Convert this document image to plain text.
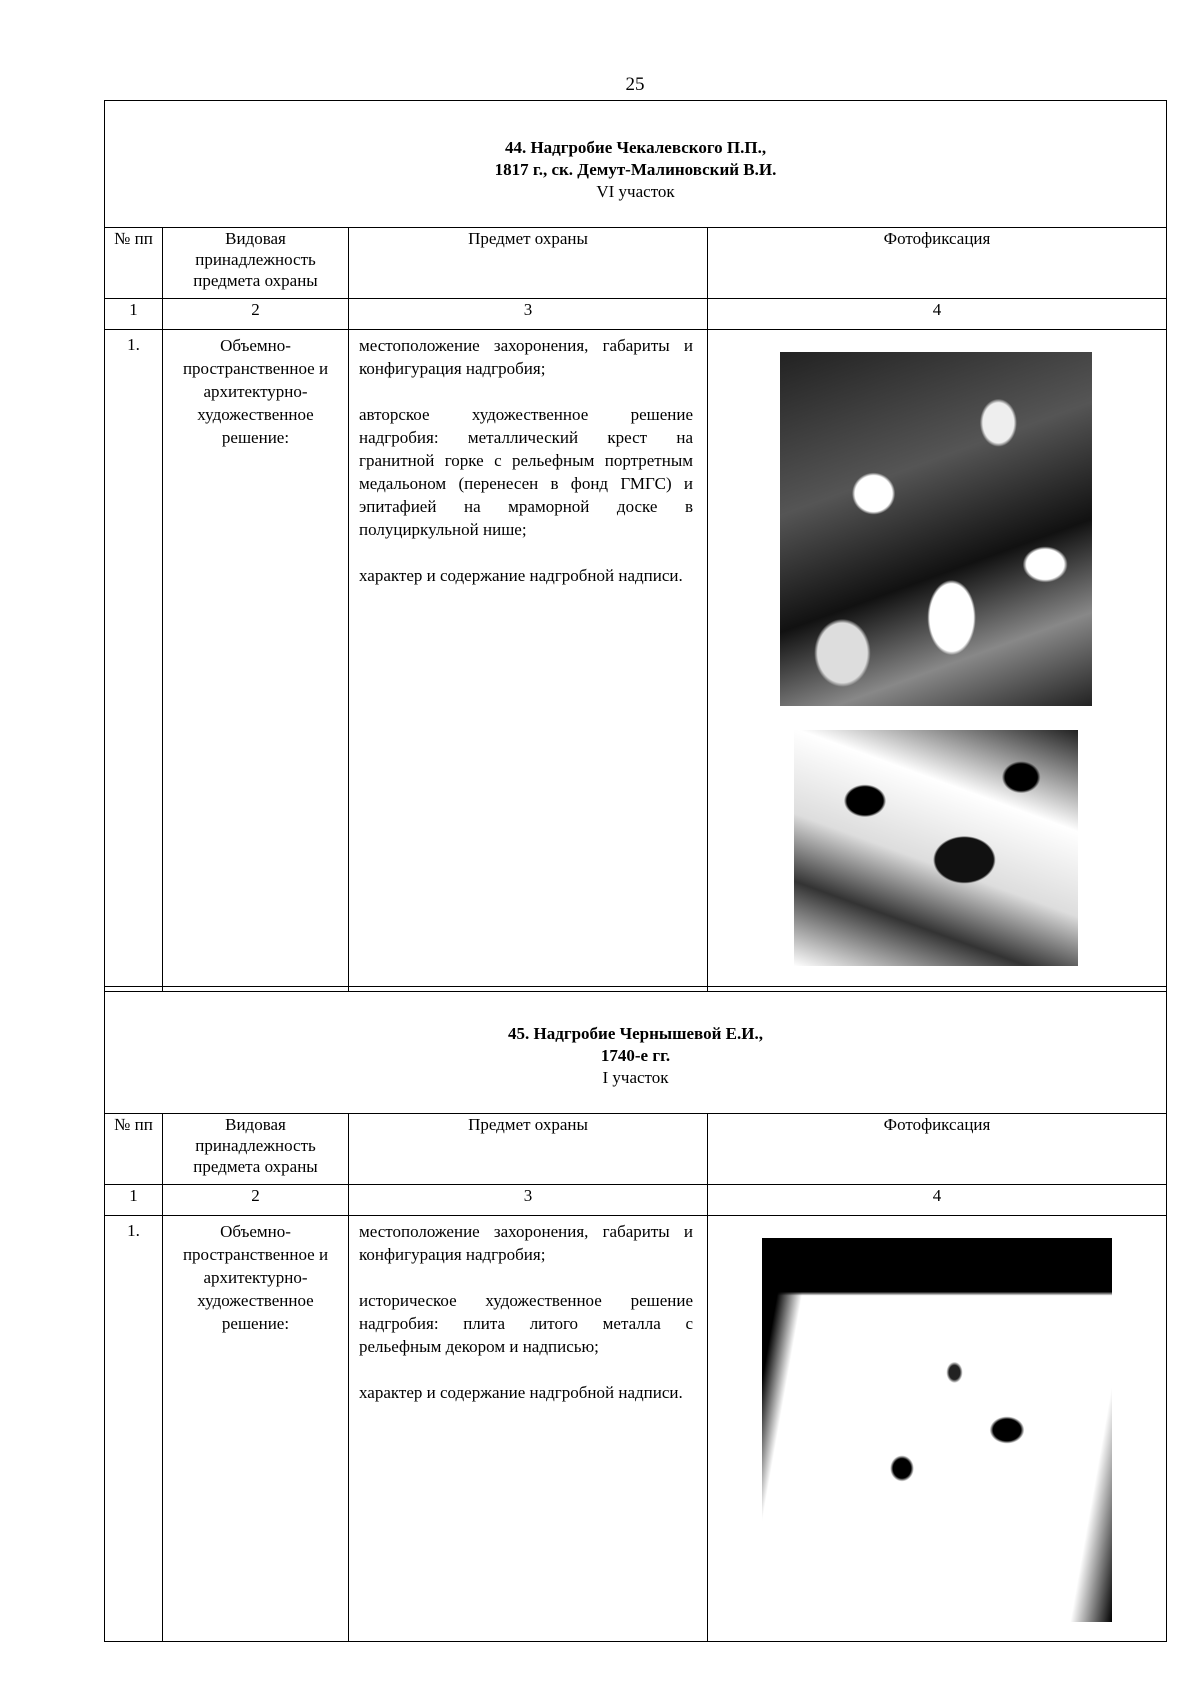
25
44. Надгробие Чекалевского П.П.,
1817 г., ск. Демут-Малиновский В.И.
VI участок			

№ пп	Видовая принадлежность предмета охраны	Предмет охраны	Фотофиксация
1	2	3	4
1.	Объемно-пространственное и архитектурно-художественное решение:	местоположение захоронения, габариты и конфигурация надгробия;

авторское художественное решение надгробия: металлический крест на гранитной горке с рельефным портретным медальоном (перенесен в фонд ГМГС) и эпитафией на мраморной доске в полуциркульной нише;

характер и содержание надгробной надписи.	

45. Надгробие Чернышевой Е.И.,
1740-е гг.
I участок			

№ пп	Видовая принадлежность предмета охраны	Предмет охраны	Фотофиксация
1	2	3	4
1.	Объемно-пространственное и архитектурно-художественное решение:	местоположение захоронения, габариты и конфигурация надгробия;

историческое художественное решение надгробия: плита литого металла с рельефным декором и надписью;

характер и содержание надгробной надписи.	
